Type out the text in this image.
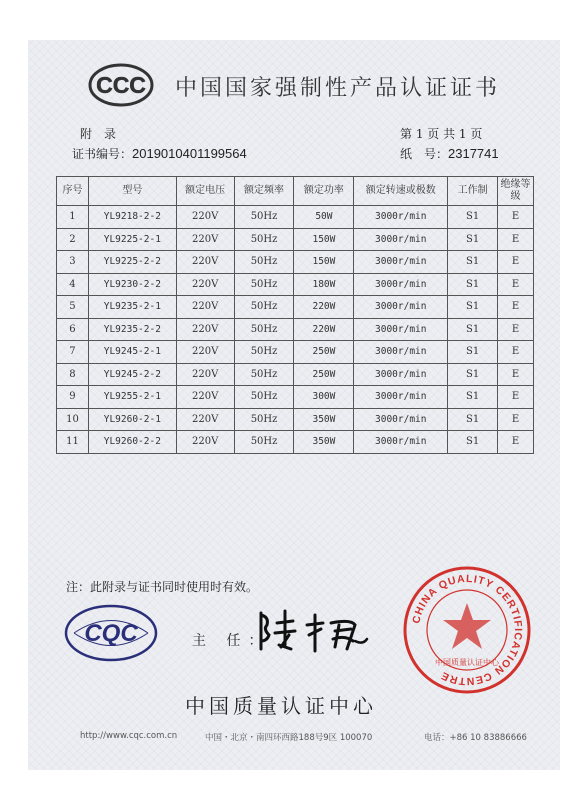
CCC 中国国家强制性产品认证证书
附　录	第 1 页 共 1 页
证书编号：2019010401199564	纸　号：2317741
序号	型号	额定电压	额定频率	额定功率	额定转速或极数	工作制	绝缘等级
1	YL9218-2-2	220V	50Hz	50W	3000r/min	S1	E
2	YL9225-2-1	220V	50Hz	150W	3000r/min	S1	E
3	YL9225-2-2	220V	50Hz	150W	3000r/min	S1	E
4	YL9230-2-2	220V	50Hz	180W	3000r/min	S1	E
5	YL9235-2-1	220V	50Hz	220W	3000r/min	S1	E
6	YL9235-2-2	220V	50Hz	220W	3000r/min	S1	E
7	YL9245-2-1	220V	50Hz	250W	3000r/min	S1	E
8	YL9245-2-2	220V	50Hz	250W	3000r/min	S1	E
9	YL9255-2-1	220V	50Hz	300W	3000r/min	S1	E
10	YL9260-2-1	220V	50Hz	350W	3000r/min	S1	E
11	YL9260-2-2	220V	50Hz	350W	3000r/min	S1	E
注：此附录与证书同时使用时有效。
CQC	主 任：
CHINA QUALITY CERTIFICATION CENTRE
中国质量认证中心
中国质量认证中心
http://www.cqc.com.cn	中国・北京・南四环西路188号9区 100070	电话：+86 10 83886666
